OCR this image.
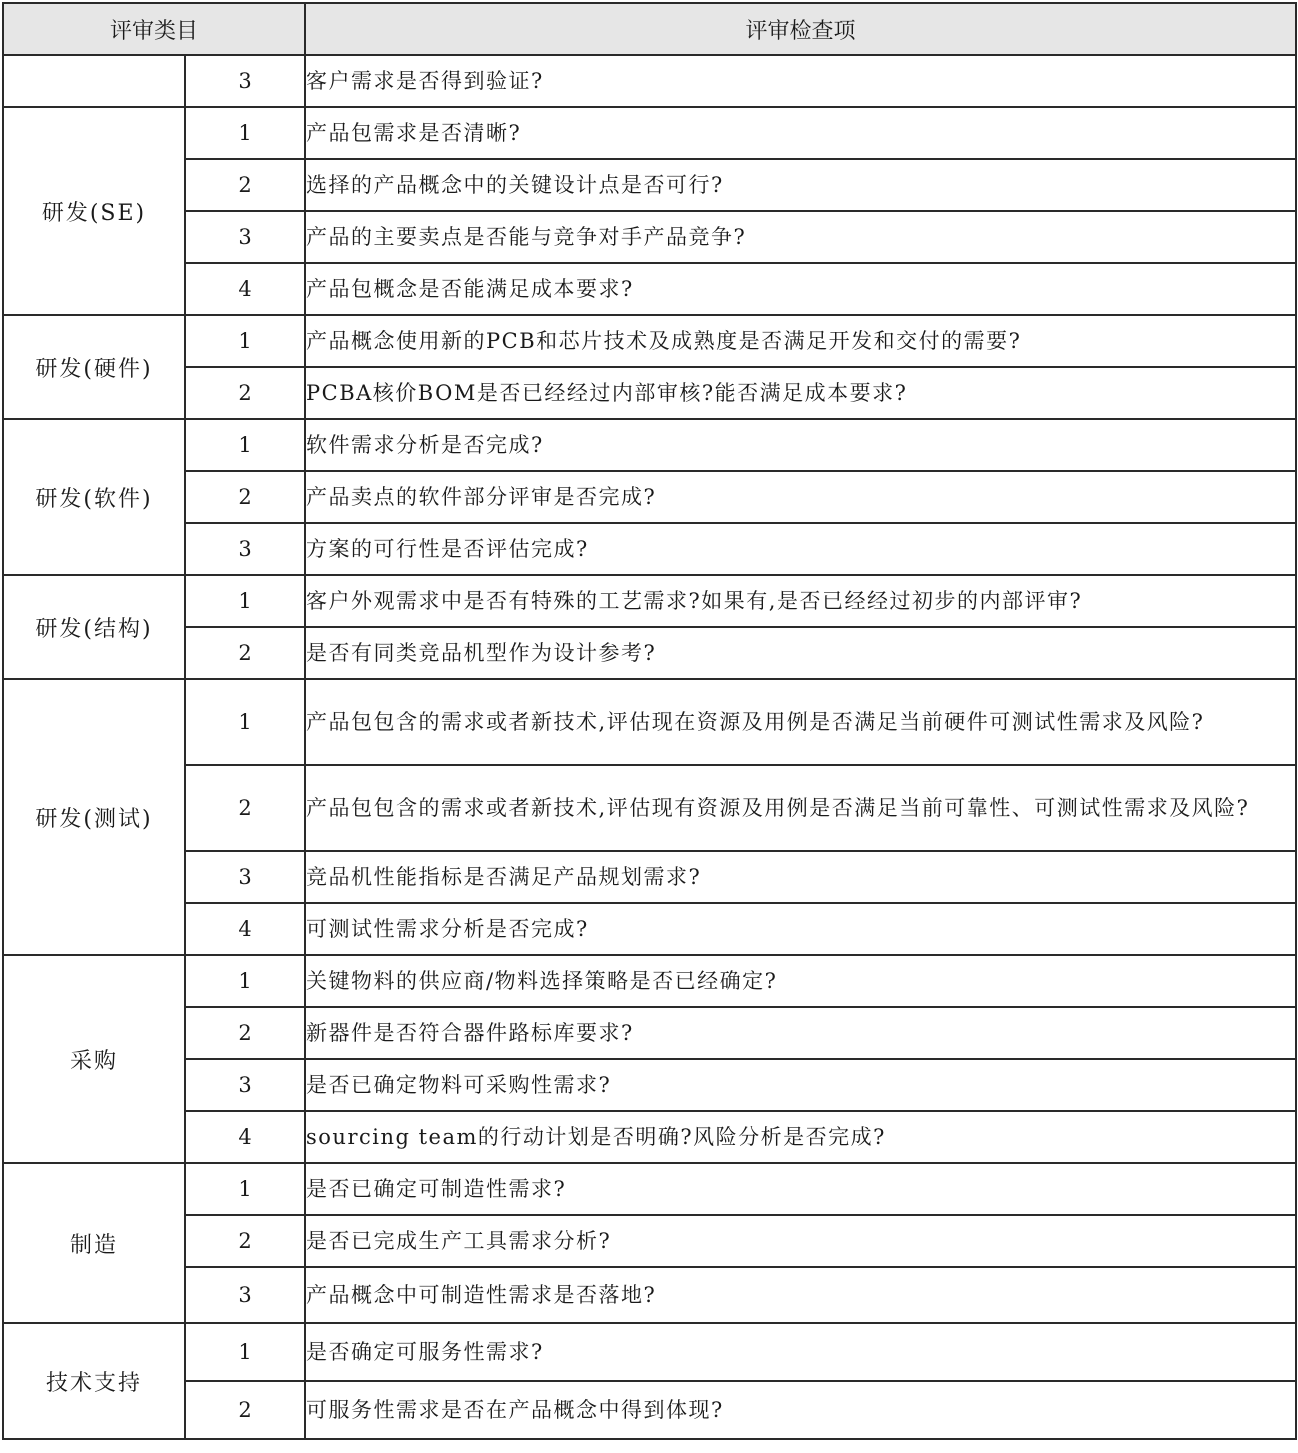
评审类目		评审检查项
	3	客户需求是否得到验证?
研发(SE)	1	产品包需求是否清晰?
	2	选择的产品概念中的关键设计点是否可行?
	3	产品的主要卖点是否能与竞争对手产品竞争?
	4	产品包概念是否能满足成本要求?
研发(硬件)	1	产品概念使用新的PCB和芯片技术及成熟度是否满足开发和交付的需要?
	2	PCBA核价BOM是否已经经过内部审核?能否满足成本要求?
研发(软件)	1	软件需求分析是否完成?
	2	产品卖点的软件部分评审是否完成?
	3	方案的可行性是否评估完成?
研发(结构)	1	客户外观需求中是否有特殊的工艺需求?如果有,是否已经经过初步的内部评审?
	2	是否有同类竞品机型作为设计参考?
研发(测试)	1	产品包包含的需求或者新技术,评估现在资源及用例是否满足当前硬件可测试性需求及风险?
	2	产品包包含的需求或者新技术,评估现有资源及用例是否满足当前可靠性、可测试性需求及风险?
	3	竞品机性能指标是否满足产品规划需求?
	4	可测试性需求分析是否完成?
采购	1	关键物料的供应商/物料选择策略是否已经确定?
	2	新器件是否符合器件路标库要求?
	3	是否已确定物料可采购性需求?
	4	sourcing team的行动计划是否明确?风险分析是否完成?
制造	1	是否已确定可制造性需求?
	2	是否已完成生产工具需求分析?
	3	产品概念中可制造性需求是否落地?
技术支持	1	是否确定可服务性需求?
	2	可服务性需求是否在产品概念中得到体现?
